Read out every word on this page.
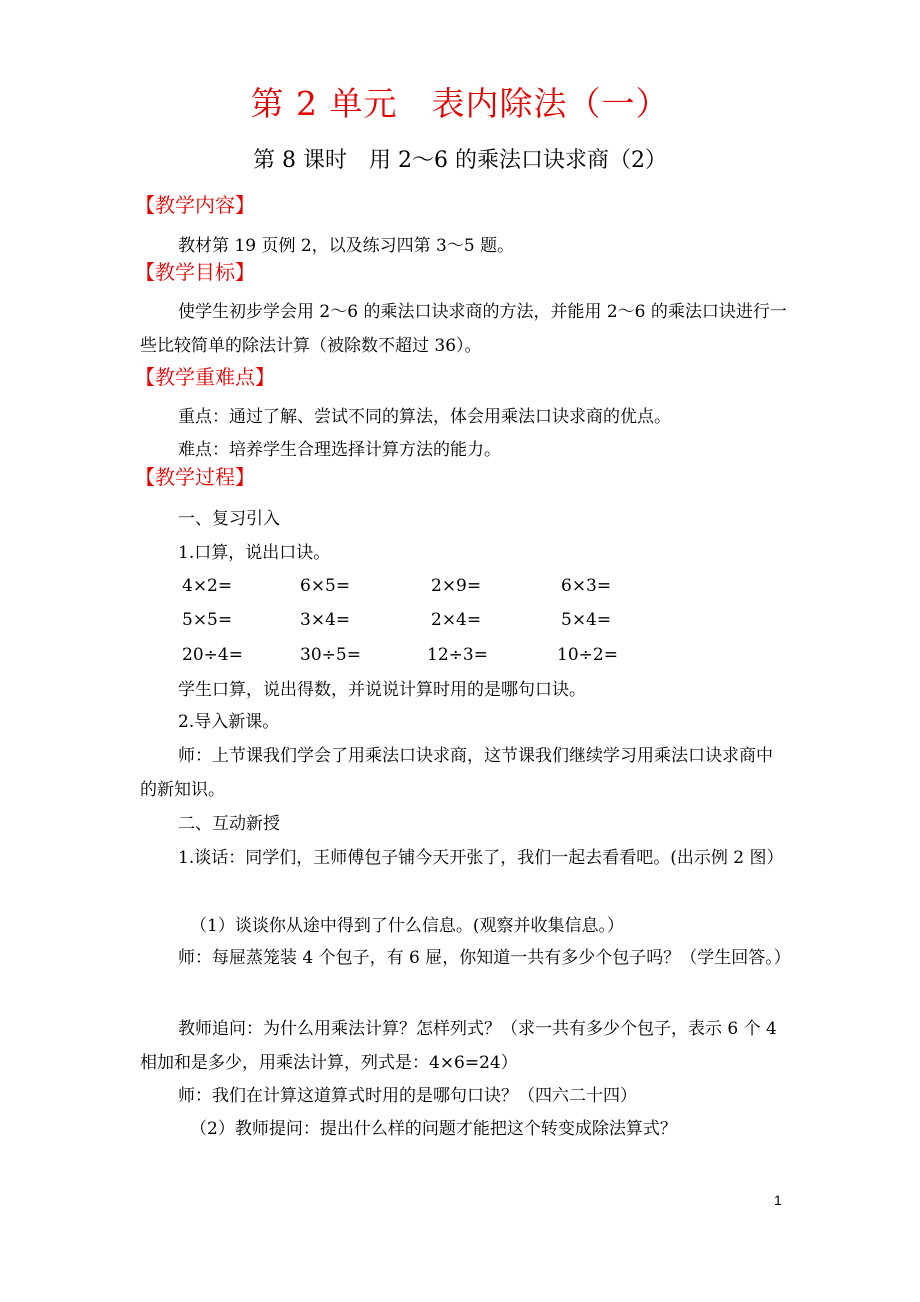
第 2 单元　表内除法（一）
第 8 课时　用 2～6 的乘法口诀求商（2）
【教学内容】
教材第 19 页例 2，以及练习四第 3～5 题。
【教学目标】
使学生初步学会用 2～6 的乘法口诀求商的方法，并能用 2～6 的乘法口诀进行一些比较简单的除法计算（被除数不超过 36）。
【教学重难点】
重点：通过了解、尝试不同的算法，体会用乘法口诀求商的优点。
难点：培养学生合理选择计算方法的能力。
【教学过程】
一、复习引入
1.口算，说出口诀。
4×2=	6×5=	2×9=	6×3=
5×5=	3×4=	2×4=	5×4=
20÷4=	30÷5=	12÷3=	10÷2=
学生口算，说出得数，并说说计算时用的是哪句口诀。
2.导入新课。
师：上节课我们学会了用乘法口诀求商，这节课我们继续学习用乘法口诀求商中的新知识。
二、互动新授
1.谈话：同学们，王师傅包子铺今天开张了，我们一起去看看吧。(出示例 2 图）
（1）谈谈你从途中得到了什么信息。(观察并收集信息。）
师：每屉蒸笼装 4 个包子，有 6 屉，你知道一共有多少个包子吗？（学生回答。）
教师追问：为什么用乘法计算？怎样列式？（求一共有多少个包子，表示 6 个 4 相加和是多少，用乘法计算，列式是：4×6=24）
师：我们在计算这道算式时用的是哪句口诀？（四六二十四）
（2）教师提问：提出什么样的问题才能把这个转变成除法算式？
1
